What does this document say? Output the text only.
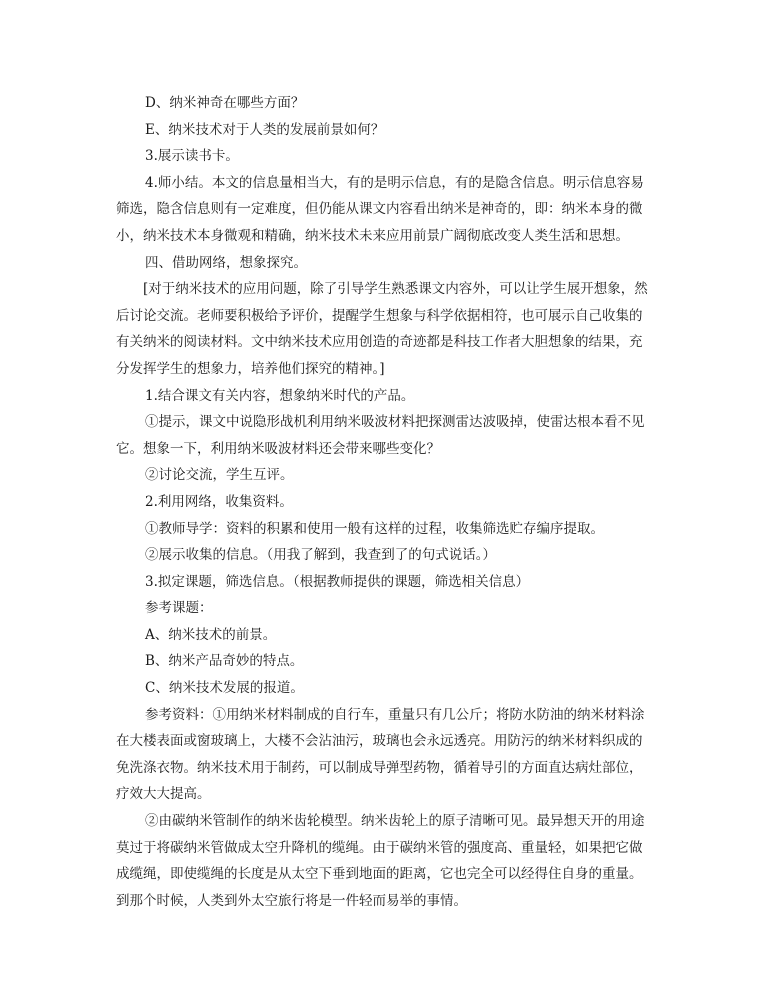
D、纳米神奇在哪些方面？
E、纳米技术对于人类的发展前景如何？
3.展示读书卡。
4.师小结。本文的信息量相当大，有的是明示信息，有的是隐含信息。明示信息容易
筛选，隐含信息则有一定难度，但仍能从课文内容看出纳米是神奇的，即：纳米本身的微
小，纳米技术本身微观和精确，纳米技术未来应用前景广阔彻底改变人类生活和思想。
四、借助网络，想象探究。
[对于纳米技术的应用问题，除了引导学生熟悉课文内容外，可以让学生展开想象，然
后讨论交流。老师要积极给予评价，提醒学生想象与科学依据相符，也可展示自己收集的
有关纳米的阅读材料。文中纳米技术应用创造的奇迹都是科技工作者大胆想象的结果，充
分发挥学生的想象力，培养他们探究的精神。]
1.结合课文有关内容，想象纳米时代的产品。
①提示，课文中说隐形战机利用纳米吸波材料把探测雷达波吸掉，使雷达根本看不见
它。想象一下，利用纳米吸波材料还会带来哪些变化？
②讨论交流，学生互评。
2.利用网络，收集资料。
①教师导学：资料的积累和使用一般有这样的过程，收集筛选贮存编序提取。
②展示收集的信息。（用我了解到，我查到了的句式说话。）
3.拟定课题，筛选信息。（根据教师提供的课题，筛选相关信息）
参考课题：
A、纳米技术的前景。
B、纳米产品奇妙的特点。
C、纳米技术发展的报道。
参考资料：①用纳米材料制成的自行车，重量只有几公斤；将防水防油的纳米材料涂
在大楼表面或窗玻璃上，大楼不会沾油污，玻璃也会永远透亮。用防污的纳米材料织成的
免洗涤衣物。纳米技术用于制药，可以制成导弹型药物，循着导引的方面直达病灶部位，
疗效大大提高。
②由碳纳米管制作的纳米齿轮模型。纳米齿轮上的原子清晰可见。最异想天开的用途
莫过于将碳纳米管做成太空升降机的缆绳。由于碳纳米管的强度高、重量轻，如果把它做
成缆绳，即使缆绳的长度是从太空下垂到地面的距离，它也完全可以经得住自身的重量。
到那个时候，人类到外太空旅行将是一件轻而易举的事情。
